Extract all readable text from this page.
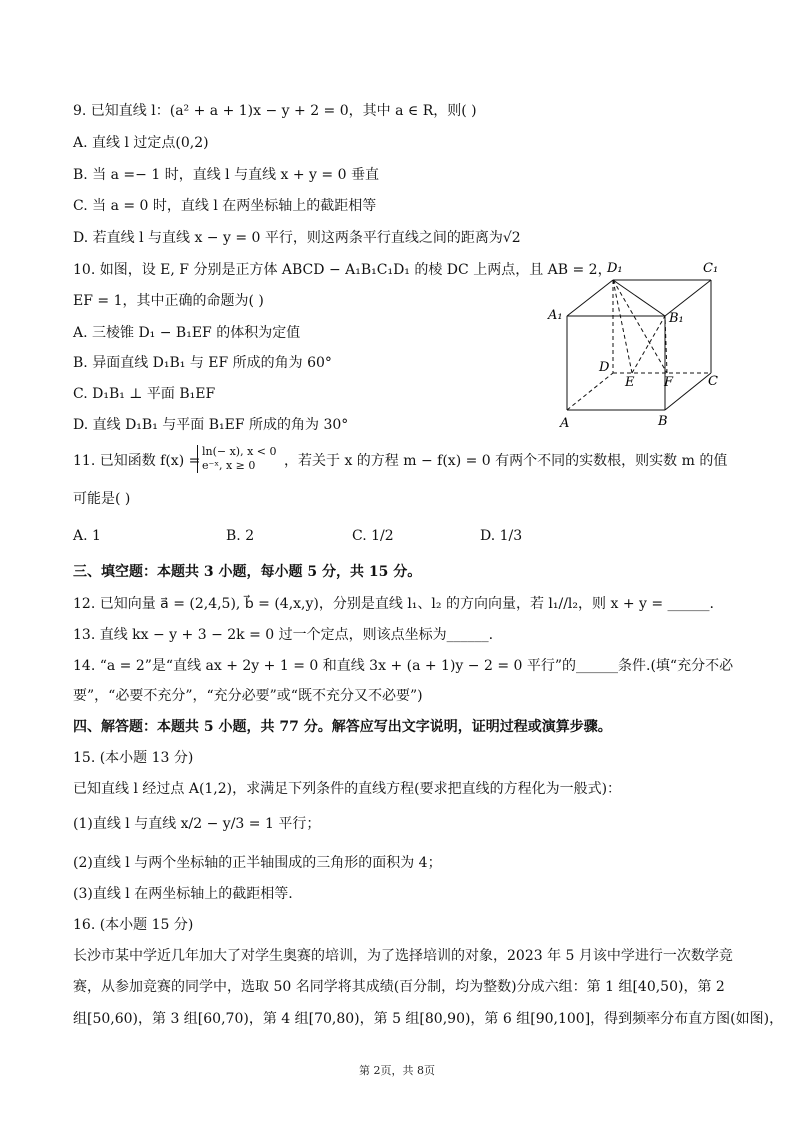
9. 已知直线 l：(a² + a + 1)x − y + 2 = 0，其中 a ∈ R，则( )
A. 直线 l 过定点(0,2)
B. 当 a =− 1 时，直线 l 与直线 x + y = 0 垂直
C. 当 a = 0 时，直线 l 在两坐标轴上的截距相等
D. 若直线 l 与直线 x − y = 0 平行，则这两条平行直线之间的距离为√2
10. 如图，设 E, F 分别是正方体 ABCD − A₁B₁C₁D₁ 的棱 DC 上两点，且 AB = 2，
EF = 1，其中正确的命题为( )
A. 三棱锥 D₁ − B₁EF 的体积为定值
B. 异面直线 D₁B₁ 与 EF 所成的角为 60°
C. D₁B₁ ⊥ 平面 B₁EF
D. 直线 D₁B₁ 与平面 B₁EF 所成的角为 30°
D₁	C₁
A₁	B₁
D
E F	C
A	B
11. 已知函数 f(x) =
ln(− x), x < 0
e⁻ˣ, x ≥ 0	，若关于 x 的方程 m − f(x) = 0 有两个不同的实数根，则实数 m 的值
可能是( )
A. 1	B. 2	C. 1/2	D. 1/3
三、填空题：本题共 3 小题，每小题 5 分，共 15 分。
12. 已知向量 a⃗ = (2,4,5), b⃗ = (4,x,y)，分别是直线 l₁、l₂ 的方向向量，若 l₁//l₂，则 x + y = ______.
13. 直线 kx − y + 3 − 2k = 0 过一个定点，则该点坐标为______.
14. “a = 2”是“直线 ax + 2y + 1 = 0 和直线 3x + (a + 1)y − 2 = 0 平行”的______条件.(填“充分不必
要”，“必要不充分”，“充分必要”或“既不充分又不必要”)
四、解答题：本题共 5 小题，共 77 分。解答应写出文字说明，证明过程或演算步骤。
15. (本小题 13 分)
已知直线 l 经过点 A(1,2)，求满足下列条件的直线方程(要求把直线的方程化为一般式)：
(1)直线 l 与直线 x/2 − y/3 = 1 平行；
(2)直线 l 与两个坐标轴的正半轴围成的三角形的面积为 4；
(3)直线 l 在两坐标轴上的截距相等.
16. (本小题 15 分)
长沙市某中学近几年加大了对学生奥赛的培训，为了选择培训的对象，2023 年 5 月该中学进行一次数学竞
赛，从参加竞赛的同学中，选取 50 名同学将其成绩(百分制，均为整数)分成六组：第 1 组[40,50)，第 2
组[50,60)，第 3 组[60,70)，第 4 组[70,80)，第 5 组[80,90)，第 6 组[90,100]，得到频率分布直方图(如图)，
第 2页，共 8页
